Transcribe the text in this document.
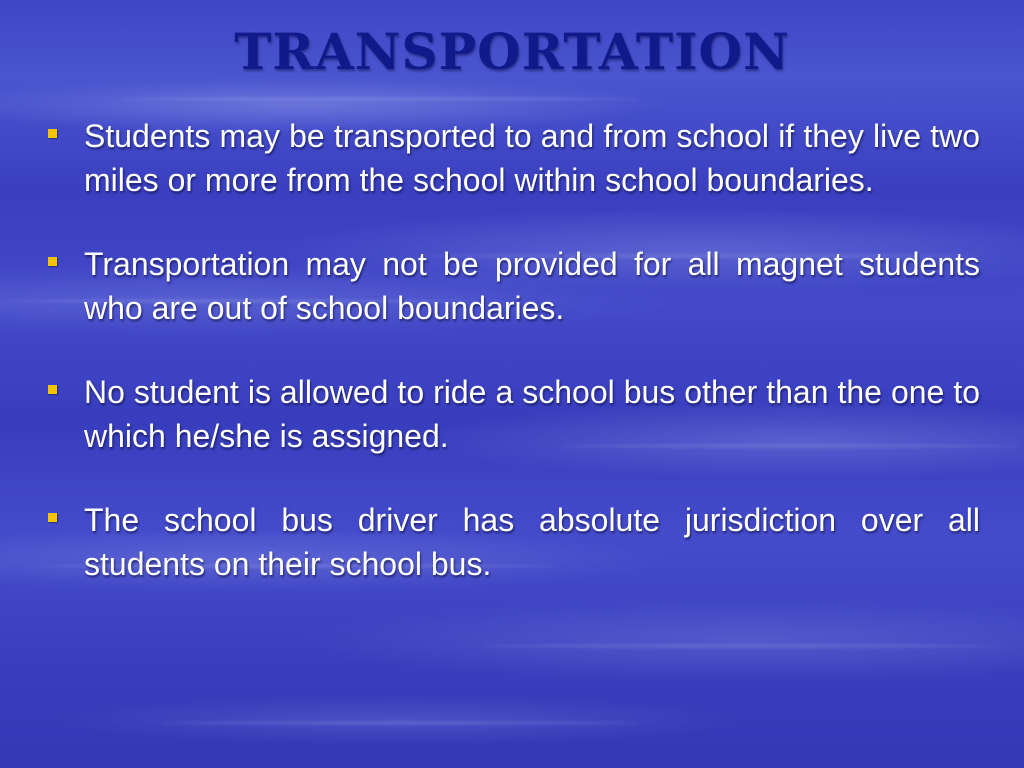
TRANSPORTATION
Students may be transported to and from school if they live two miles or more from the school within school boundaries.
Transportation may not be provided for all magnet students who are out of school boundaries.
No student is allowed to ride a school bus other than the one to which he/she is assigned.
The school bus driver has absolute jurisdiction over all students on their school bus.
